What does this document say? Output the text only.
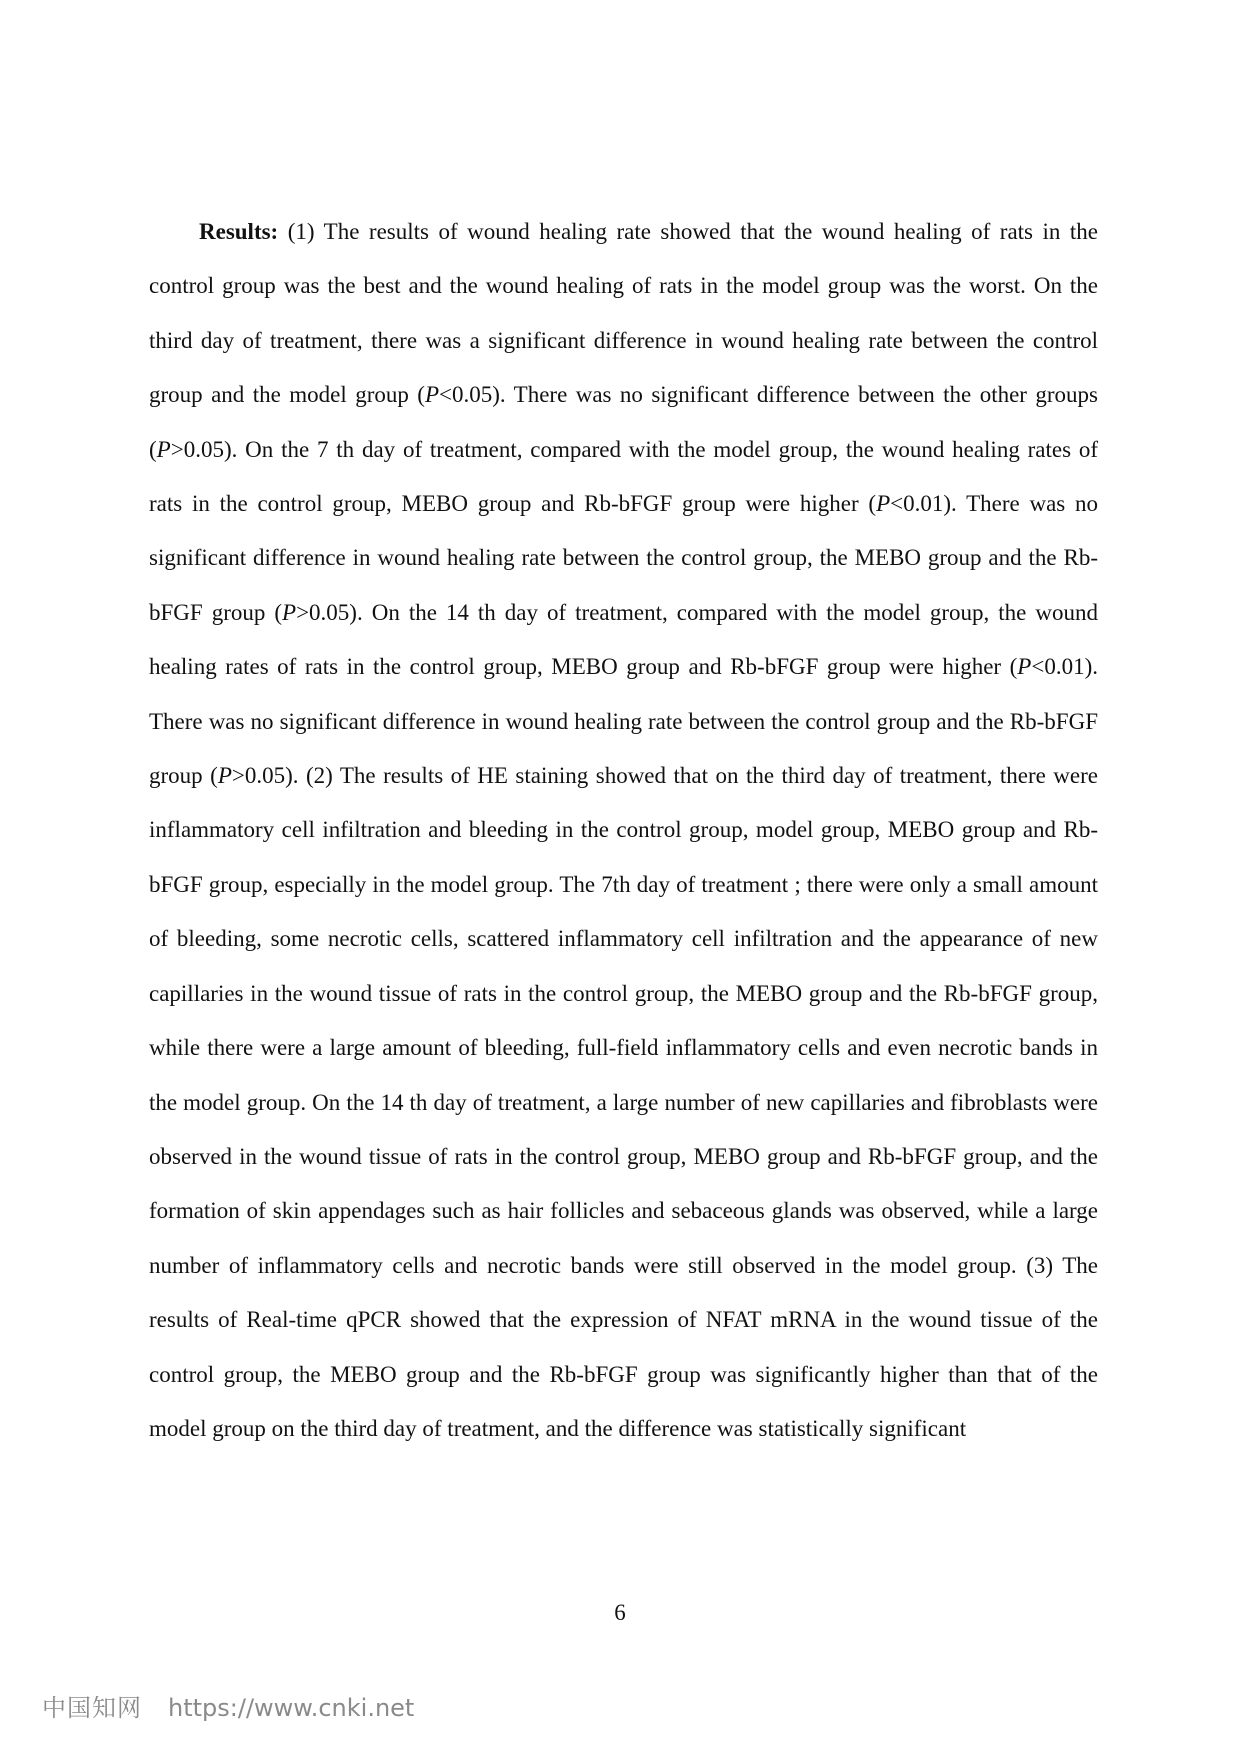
Results: (1) The results of wound healing rate showed that the wound healing of rats in the control group was the best and the wound healing of rats in the model group was the worst. On the third day of treatment, there was a significant difference in wound healing rate between the control group and the model group (P<0.05). There was no significant difference between the other groups (P>0.05). On the 7 th day of treatment, compared with the model group, the wound healing rates of rats in the control group, MEBO group and Rb-bFGF group were higher (P<0.01). There was no significant difference in wound healing rate between the control group, the MEBO group and the Rb-bFGF group (P>0.05). On the 14 th day of treatment, compared with the model group, the wound healing rates of rats in the control group, MEBO group and Rb-bFGF group were higher (P<0.01). There was no significant difference in wound healing rate between the control group and the Rb-bFGF group (P>0.05). (2) The results of HE staining showed that on the third day of treatment, there were inflammatory cell infiltration and bleeding in the control group, model group, MEBO group and Rb-bFGF group, especially in the model group. The 7th day of treatment ; there were only a small amount of bleeding, some necrotic cells, scattered inflammatory cell infiltration and the appearance of new capillaries in the wound tissue of rats in the control group, the MEBO group and the Rb-bFGF group, while there were a large amount of bleeding, full-field inflammatory cells and even necrotic bands in the model group. On the 14 th day of treatment, a large number of new capillaries and fibroblasts were observed in the wound tissue of rats in the control group, MEBO group and Rb-bFGF group, and the formation of skin appendages such as hair follicles and sebaceous glands was observed, while a large number of inflammatory cells and necrotic bands were still observed in the model group. (3) The results of Real-time qPCR showed that the expression of NFAT mRNA in the wound tissue of the control group, the MEBO group and the Rb-bFGF group was significantly higher than that of the model group on the third day of treatment, and the difference was statistically significant

6
中国知网 https://www.cnki.net
